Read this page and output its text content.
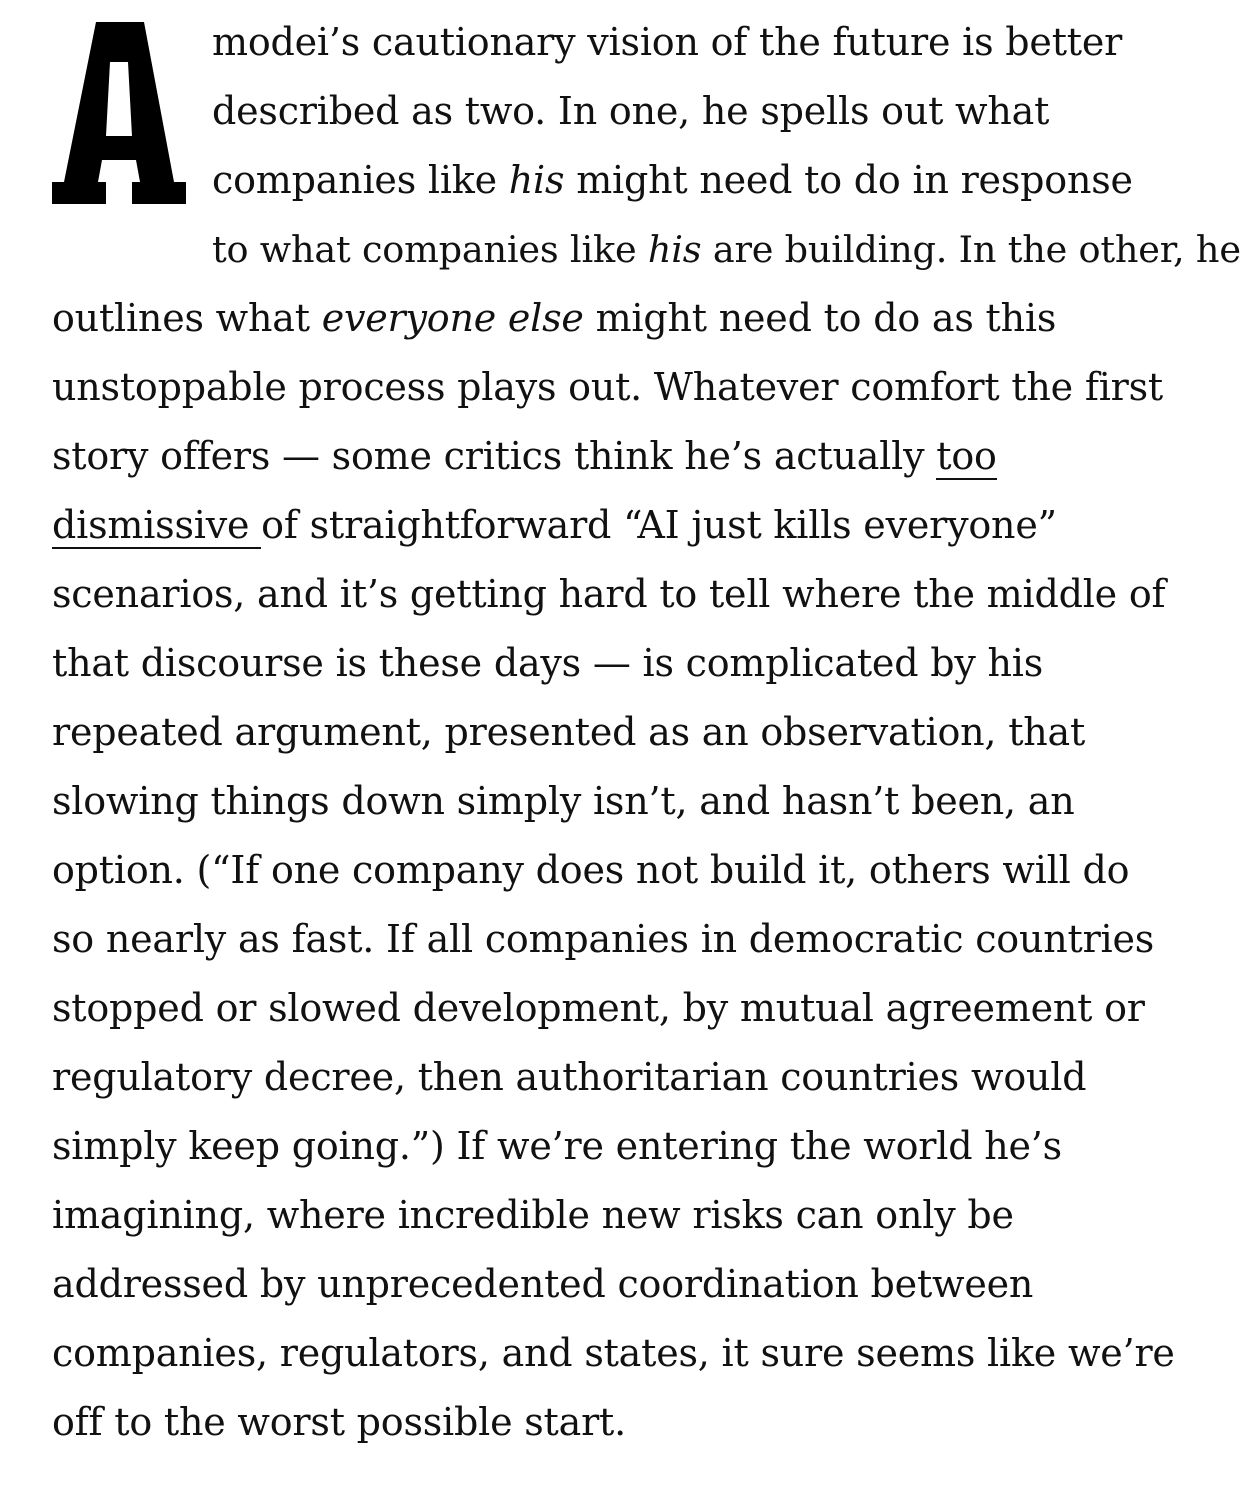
modei’s cautionary vision of the future is better
described as two. In one, he spells out what
companies like his might need to do in response
to what companies like his are building. In the other, he
outlines what everyone else might need to do as this
unstoppable process plays out. Whatever comfort the first
story offers — some critics think he’s actually too
dismissive of straightforward “AI just kills everyone”
scenarios, and it’s getting hard to tell where the middle of
that discourse is these days — is complicated by his
repeated argument, presented as an observation, that
slowing things down simply isn’t, and hasn’t been, an
option. (“If one company does not build it, others will do
so nearly as fast. If all companies in democratic countries
stopped or slowed development, by mutual agreement or
regulatory decree, then authoritarian countries would
simply keep going.”) If we’re entering the world he’s
imagining, where incredible new risks can only be
addressed by unprecedented coordination between
companies, regulators, and states, it sure seems like we’re
off to the worst possible start.
